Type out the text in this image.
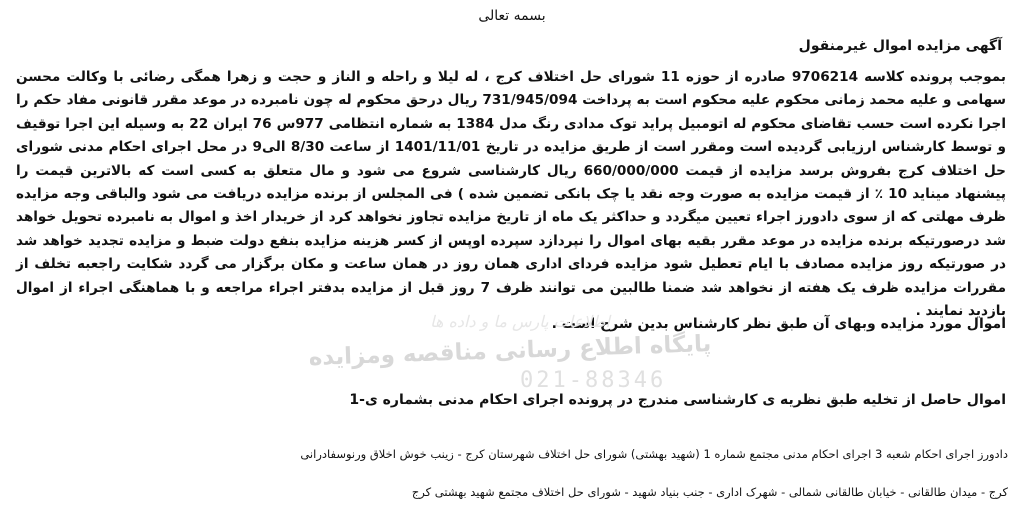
بسمه تعالی
آگهی مزایده اموال غیرمنقول
بموجب پرونده کلاسه 9706214 صادره از حوزه 11 شورای حل اختلاف کرج ، له لیلا و راحله و الناز و حجت و زهرا همگی رضائی با وکالت محسن سهامی و علیه محمد زمانی محکوم علیه محکوم است به پرداخت 731/945/094 ریال درحق محکوم له چون نامبرده در موعد مقرر قانونی مفاد حکم را اجرا نکرده است حسب تقاضای محکوم له اتومبیل پراید توک مدادی رنگ مدل 1384 به شماره انتظامی 977س 76 ایران 22 به وسیله این اجرا توقیف و توسط کارشناس ارزیابی گردیده است ومقرر است از طریق مزایده در تاریخ 1401/11/01 از ساعت 8/30 الی9 در محل اجرای احکام مدنی شورای حل اختلاف کرج بفروش برسد مزایده از قیمت 660/000/000 ریال کارشناسی شروع می شود و مال متعلق به کسی است که بالاترین قیمت را پیشنهاد میناید 10 ٪ از قیمت مزایده به صورت وجه نقد یا چک بانکی تضمین شده ) فی المجلس از برنده مزایده دریافت می شود والباقی وجه مزایده ظرف مهلتی که از سوی دادورز اجراء تعیین میگردد و حداکثر یک ماه از تاریخ مزایده تجاوز نخواهد کرد از خریدار اخذ و اموال به نامبرده تحویل خواهد شد درصورتیکه برنده مزایده در موعد مقرر بقیه بهای اموال را نپردازد سپرده اوپس از کسر هزینه مزایده بنفع دولت ضبط و مزایده تجدید خواهد شد در صورتیکه روز مزایده مصادف با ایام تعطیل شود مزایده فردای اداری همان روز در همان ساعت و مکان برگزار می گردد شکایت راجعبه تخلف از مقررات مزایده ظرف یک هفته از نخواهد شد ضمنا طالبین می توانند ظرف 7 روز قبل از مزایده بدفتر اجراء مراجعه و با هماهنگی اجراء از اموال بازدید نمایند .
اموال مورد مزایده وبهای آن طبق نظر کارشناس بدین شرح است .
اطلاعات پارس ما و داده ها
پایگاه اطلاع رسانی مناقصه ومزایده
021-88346
اموال حاصل از تخلیه طبق نظریه ی کارشناسی مندرج در پرونده اجرای احکام مدنی بشماره ی-1
دادورز اجرای احکام شعبه 3 اجرای احکام مدنی مجتمع شماره 1 (شهید بهشتی) شورای حل اختلاف شهرستان کرج - زینب خوش اخلاق ورنوسفادرانی
کرج - میدان طالقانی - خیابان طالقانی شمالی - شهرک اداری - جنب بنیاد شهید - شورای حل اختلاف مجتمع شهید بهشتی کرج
